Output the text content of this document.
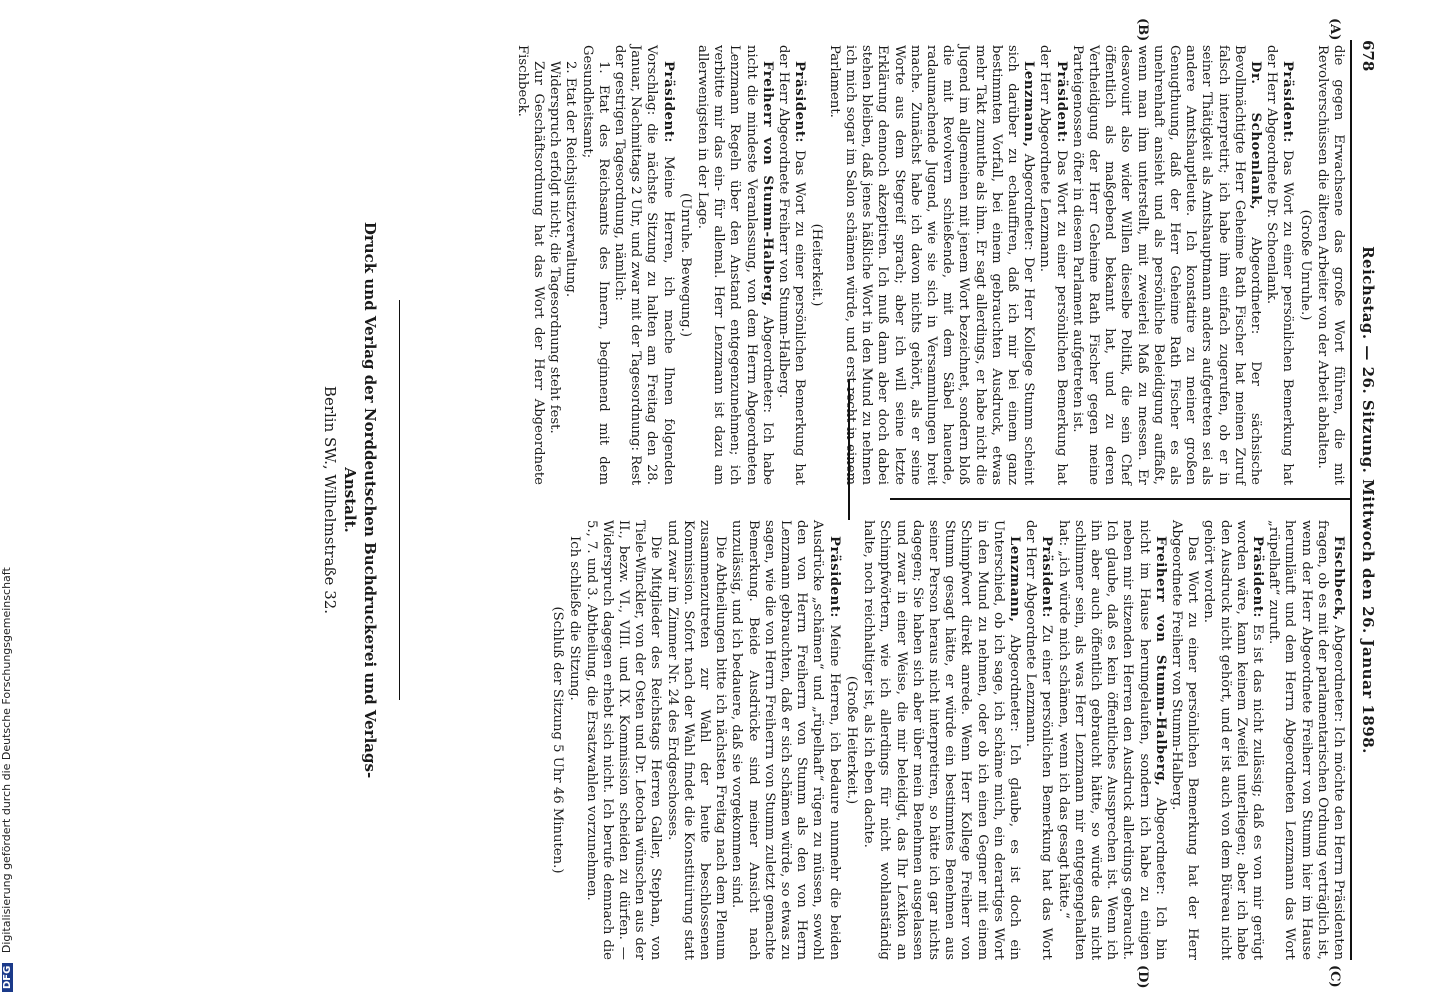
678
Reichstag. — 26. Sitzung. Mittwoch den 26. Januar 1898.
(A)
(B)
(C)
(D)

die gegen Erwachsene das große Wort führen, die mit Revolverschüssen die älteren Arbeiter von der Arbeit abhalten.

(Große Unruhe.)

Präsident: Das Wort zu einer persönlichen Bemerkung hat der Herr Abgeordnete Dr. Schoenlank.

Dr. Schoenlank, Abgeordneter: Der sächsische Bevollmächtigte Herr Geheime Rath Fischer hat meinen Zuruf falsch interpretirt; ich habe ihm einfach zugerufen, ob er in seiner Thätigkeit als Amtshauptmann anders aufgetreten sei als andere Amtshauptleute. Ich konstatire zu meiner großen Genugthuung, daß der Herr Geheime Rath Fischer es als unehrenhaft ansieht und als persönliche Beleidigung auffaßt, wenn man ihm unterstellt, mit zweierlei Maß zu messen. Er desavouirt also wider Willen dieselbe Politik, die sein Chef öffentlich als maßgebend bekannt hat, und zu deren Vertheidigung der Herr Geheime Rath Fischer gegen meine Parteigenossen öfter in diesem Parlament aufgetreten ist.

Präsident: Das Wort zu einer persönlichen Bemerkung hat der Herr Abgeordnete Lenzmann.

Lenzmann, Abgeordneter: Der Herr Kollege Stumm scheint sich darüber zu echauffiren, daß ich mir bei einem ganz bestimmten Vorfall, bei einem gebrauchten Ausdruck, etwas mehr Takt zumuthe als ihm. Er sagt allerdings, er habe nicht die Jugend im allgemeinen mit jenem Wort bezeichnet, sondern bloß die mit Revolvern schießende, mit dem Säbel hauende, radaumachende Jugend, wie sie sich in Versammlungen breit mache. Zunächst habe ich davon nichts gehört, als er seine Worte aus dem Stegreif sprach; aber ich will seine letzte Erklärung dennoch akzeptiren. Ich muß dann aber doch dabei stehen bleiben, daß jenes häßliche Wort in den Mund zu nehmen ich mich sogar im Salon schämen würde, und erst recht in einem Parlament.

(Heiterkeit.)

Präsident: Das Wort zu einer persönlichen Bemerkung hat der Herr Abgeordnete Freiherr von Stumm-Halberg.

Freiherr von Stumm-Halberg, Abgeordneter: Ich habe nicht die mindeste Veranlassung, von dem Herrn Abgeordneten Lenzmann Regeln über den Anstand entgegenzunehmen; ich verbitte mir das ein- für allemal. Herr Lenzmann ist dazu am allerwenigsten in der Lage.

(Unruhe. Bewegung.)

Präsident: Meine Herren, ich mache Ihnen folgenden Vorschlag: die nächste Sitzung zu halten am Freitag den 28. Januar, Nachmittags 2 Uhr, und zwar mit der Tagesordnung: Rest der gestrigen Tagesordnung, nämlich:

1. Etat des Reichsamts des Innern, beginnend mit dem Gesundheitsamt;

2. Etat der Reichsjustizverwaltung.

Widerspruch erfolgt nicht; die Tagesordnung steht fest.

Zur Geschäftsordnung hat das Wort der Herr Abgeordnete Fischbeck.

Fischbeck, Abgeordneter: Ich möchte den Herrn Präsidenten fragen, ob es mit der parlamentarischen Ordnung verträglich ist, wenn der Herr Abgeordnete Freiherr von Stumm hier im Hause herumläuft und dem Herrn Abgeordneten Lenzmann das Wort „rüpelhaft“ zuruft.

Präsident: Es ist das nicht zulässig; daß es von mir gerügt worden wäre, kann keinem Zweifel unterliegen; aber ich habe den Ausdruck nicht gehört, und er ist auch von dem Büreau nicht gehört worden.

Das Wort zu einer persönlichen Bemerkung hat der Herr Abgeordnete Freiherr von Stumm-Halberg.

Freiherr von Stumm-Halberg, Abgeordneter: Ich bin nicht im Hause herumgelaufen, sondern ich habe zu einigen neben mir sitzenden Herren den Ausdruck allerdings gebraucht. Ich glaube, daß es kein öffentliches Aussprechen ist. Wenn ich ihn aber auch öffentlich gebraucht hätte, so würde das nicht schlimmer sein, als was Herr Lenzmann mir entgegengehalten hat: „ich würde mich schämen, wenn ich das gesagt hätte.“

Präsident: Zu einer persönlichen Bemerkung hat das Wort der Herr Abgeordnete Lenzmann.

Lenzmann, Abgeordneter: Ich glaube, es ist doch ein Unterschied, ob ich sage, ich schäme mich, ein derartiges Wort in den Mund zu nehmen, oder ob ich einen Gegner mit einem Schimpfwort direkt anrede. Wenn Herr Kollege Freiherr von Stumm gesagt hätte, er würde ein bestimmtes Benehmen aus seiner Person heraus nicht interpretiren, so hätte ich gar nichts dagegen; Sie haben sich aber über mein Benehmen ausgelassen und zwar in einer Weise, die mir beleidigt, das Ihr Lexikon an Schimpfwörtern, wie ich allerdings für nicht wohlanständig halte, noch reichhaltiger ist, als ich eben dachte.

(Große Heiterkeit.)

Präsident: Meine Herren, ich bedaure nunmehr die beiden Ausdrücke „schämen“ und „rüpelhaft“ rügen zu müssen, sowohl den von Herrn Freiherrn von Stumm als den von Herrn Lenzmann gebrauchten, daß er sich schämen würde, so etwas zu sagen, wie die von Herrn Freiherrn von Stumm zuletzt gemachte Bemerkung. Beide Ausdrücke sind meiner Ansicht nach unzulässig, und ich bedauere, daß sie vorgekommen sind.

Die Abtheilungen bitte ich nächsten Freitag nach dem Plenum zusammenzutreten zur Wahl der heute beschlossenen Kommission. Sofort nach der Wahl findet die Konstituirung statt und zwar im Zimmer Nr. 24 des Erdgeschosses.

Die Mitglieder des Reichstags Herren Galler, Stephan, von Tiele-Winckler, von der Osten und Dr. Letocha wünschen aus der II., bezw. VI., VIII. und IX. Kommission scheiden zu dürfen. — Widerspruch dagegen erhebt sich nicht. Ich berufe demnach die 5., 7. und 3. Abtheilung, die Ersatzwahlen vorzunehmen.

Ich schließe die Sitzung.

(Schluß der Sitzung 5 Uhr 46 Minuten.)

Druck und Verlag der Norddeutschen Buchdruckerei und Verlags-Anstalt.
Berlin SW., Wilhelmstraße 32.
DFG Digitalisierung gefördert durch die Deutsche Forschungsgemeinschaft
